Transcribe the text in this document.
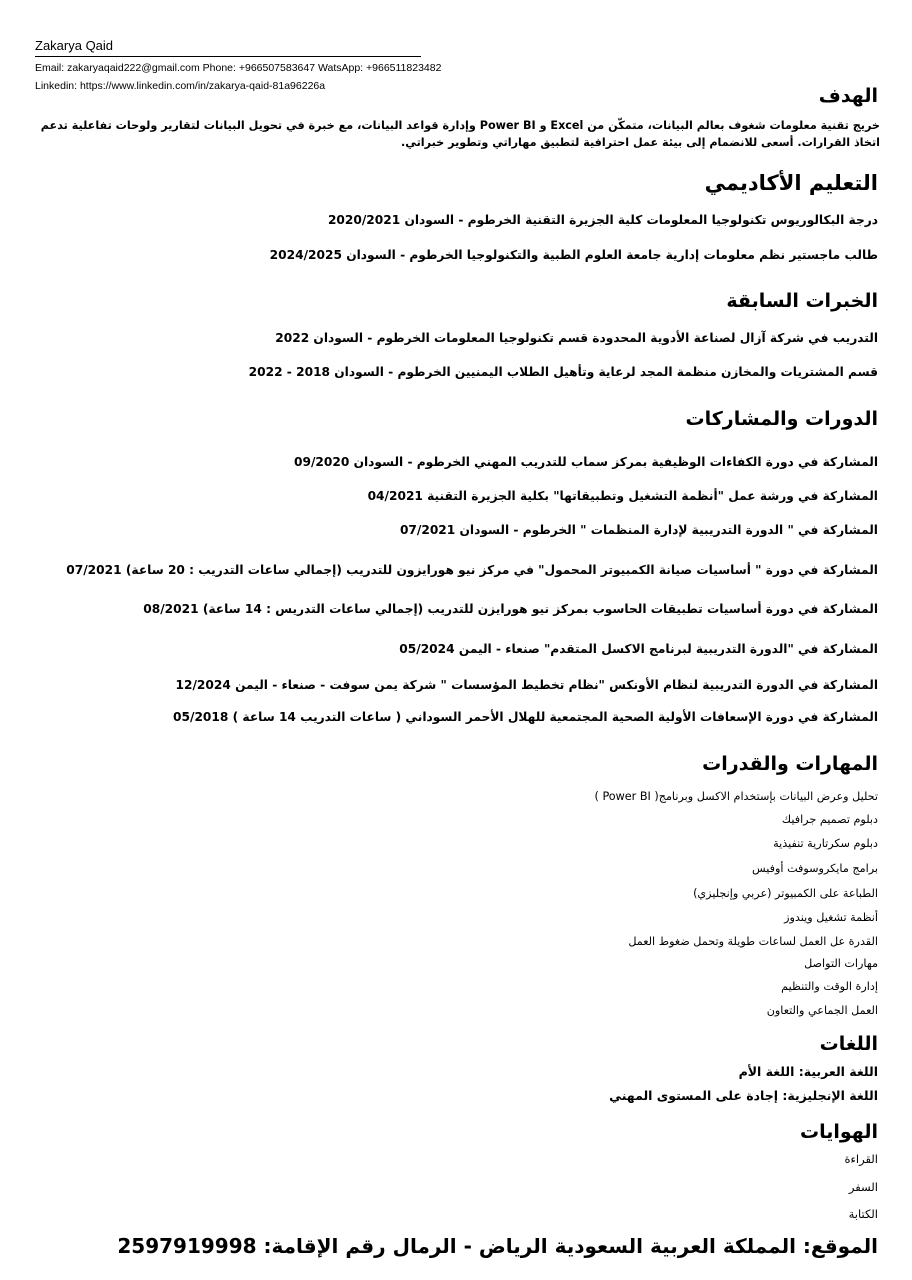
Zakarya Qaid
Email: zakaryaqaid222@gmail.com Phone: +966507583647 WatsApp: +966511823482
Linkedin: https://www.linkedin.com/in/zakarya-qaid-81a96226a	الهدف
خريج تقنية معلومات شغوف بعالم البيانات، متمكّن من Excel و Power BI وإدارة قواعد البيانات، مع خبرة في تحويل البيانات لتقارير ولوحات تفاعلية تدعم اتخاذ القرارات. أسعى للانضمام إلى بيئة عمل احترافية لتطبيق مهاراتي وتطوير خبراتي.
التعليم الأكاديمي
درجة البكالوريوس تكنولوجيا المعلومات كلية الجزيرة التقنية الخرطوم - السودان 2020/2021
طالب ماجستير نظم معلومات إدارية جامعة العلوم الطبية والتكنولوجيا الخرطوم - السودان 2024/2025
الخبرات السابقة
التدريب في شركة آزال لصناعة الأدوية المحدودة قسم تكنولوجيا المعلومات الخرطوم - السودان 2022
قسم المشتريات والمخازن منظمة المجد لرعاية وتأهيل الطلاب اليمنيين الخرطوم - السودان 2018 - 2022
الدورات والمشاركات
المشاركة في دورة الكفاءات الوظيفية بمركز سماب للتدريب المهني الخرطوم - السودان 09/2020
المشاركة في ورشة عمل "أنظمة التشغيل وتطبيقاتها" بكلية الجزيرة التقنية 04/2021
المشاركة في " الدورة التدريبية لإدارة المنظمات " الخرطوم - السودان 07/2021
المشاركة في دورة " أساسيات صيانة الكمبيوتر المحمول" في مركز نيو هورايزون للتدريب (إجمالي ساعات التدريب : 20 ساعة) 07/2021
المشاركة في دورة أساسيات تطبيقات الحاسوب بمركز نيو هورايزن للتدريب (إجمالي ساعات التدريس : 14 ساعة) 08/2021
المشاركة في "الدورة التدريبية لبرنامج الاكسل المتقدم" صنعاء - اليمن 05/2024
المشاركة في الدورة التدريبية لنظام الأونكس "نظام تخطيط المؤسسات " شركة يمن سوفت - صنعاء - اليمن 12/2024
المشاركة في دورة الإسعافات الأولية الصحية المجتمعية للهلال الأحمر السوداني ( ساعات التدريب 14 ساعة ) 05/2018
المهارات والقدرات
تحليل وعرض البيانات بإستخدام الاكسل وبرنامج( Power BI )
دبلوم تصميم جرافيك
دبلوم سكرتارية تنفيذية
برامج مايكروسوفت أوفيس
الطباعة على الكمبيوتر (عربي وإنجليزي)
أنظمة تشغيل ويندوز
القدرة عل العمل لساعات طويلة وتحمل ضغوط العمل
مهارات التواصل
إدارة الوقت والتنظيم
العمل الجماعي والتعاون
اللغات
اللغة العربية: اللغة الأم
اللغة الإنجليزية: إجادة على المستوى المهني
الهوايات
القراءة
السفر
الكتابة
الموقع: المملكة العربية السعودية الرياض - الرمال رقم الإقامة: 2597919998
